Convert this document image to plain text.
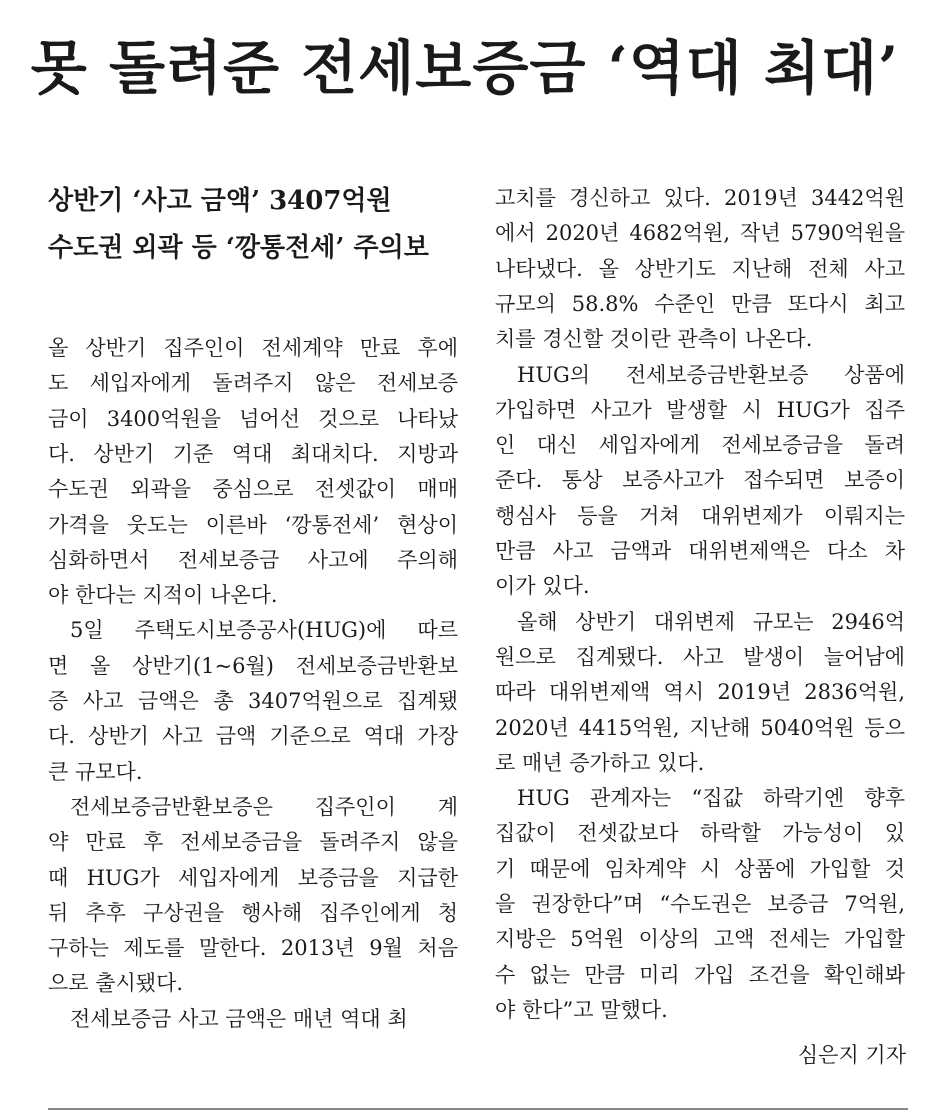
못 돌려준 전세보증금 ‘역대 최대’
상반기 ‘사고 금액’ 3407억원
수도권 외곽 등 ‘깡통전세’ 주의보
올 상반기 집주인이 전세계약 만료 후에
도 세입자에게 돌려주지 않은 전세보증
금이 3400억원을 넘어선 것으로 나타났
다. 상반기 기준 역대 최대치다. 지방과
수도권 외곽을 중심으로 전셋값이 매매
가격을 웃도는 이른바 ‘깡통전세’ 현상이
심화하면서 전세보증금 사고에 주의해
야 한다는 지적이 나온다.
5일 주택도시보증공사(HUG)에 따르
면 올 상반기(1~6월) 전세보증금반환보
증 사고 금액은 총 3407억원으로 집계됐
다. 상반기 사고 금액 기준으로 역대 가장
큰 규모다.
전세보증금반환보증은 집주인이 계
약 만료 후 전세보증금을 돌려주지 않을
때 HUG가 세입자에게 보증금을 지급한
뒤 추후 구상권을 행사해 집주인에게 청
구하는 제도를 말한다. 2013년 9월 처음
으로 출시됐다.
전세보증금 사고 금액은 매년 역대 최
고치를 경신하고 있다. 2019년 3442억원
에서 2020년 4682억원, 작년 5790억원을
나타냈다. 올 상반기도 지난해 전체 사고
규모의 58.8% 수준인 만큼 또다시 최고
치를 경신할 것이란 관측이 나온다.
HUG의 전세보증금반환보증 상품에
가입하면 사고가 발생할 시 HUG가 집주
인 대신 세입자에게 전세보증금을 돌려
준다. 통상 보증사고가 접수되면 보증이
행심사 등을 거쳐 대위변제가 이뤄지는
만큼 사고 금액과 대위변제액은 다소 차
이가 있다.
올해 상반기 대위변제 규모는 2946억
원으로 집계됐다. 사고 발생이 늘어남에
따라 대위변제액 역시 2019년 2836억원,
2020년 4415억원, 지난해 5040억원 등으
로 매년 증가하고 있다.
HUG 관계자는 “집값 하락기엔 향후
집값이 전셋값보다 하락할 가능성이 있
기 때문에 임차계약 시 상품에 가입할 것
을 권장한다”며 “수도권은 보증금 7억원,
지방은 5억원 이상의 고액 전세는 가입할
수 없는 만큼 미리 가입 조건을 확인해봐
야 한다”고 말했다.
심은지 기자
